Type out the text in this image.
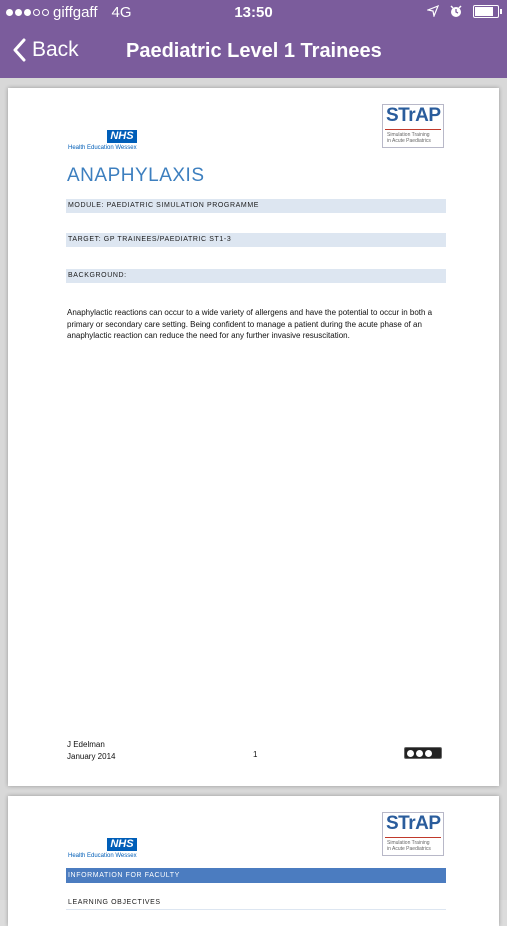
giffgaff 4G	13:50
Back Paediatric Level 1 Trainees
NHS
Health Education Wessex
STrAP
Simulation Training
in Acute Paediatrics
ANAPHYLAXIS
MODULE: PAEDIATRIC SIMULATION PROGRAMME
TARGET: GP TRAINEES/PAEDIATRIC ST1-3
BACKGROUND:
Anaphylactic reactions can occur to a wide variety of allergens and have the potential to occur in both a primary or secondary care setting. Being confident to manage a patient during the acute phase of an anaphylactic reaction can reduce the need for any further invasive resuscitation.
J Edelman
January 2014	1
NHS
Health Education Wessex
STrAP
Simulation Training
in Acute Paediatrics
INFORMATION FOR FACULTY
LEARNING OBJECTIVES
